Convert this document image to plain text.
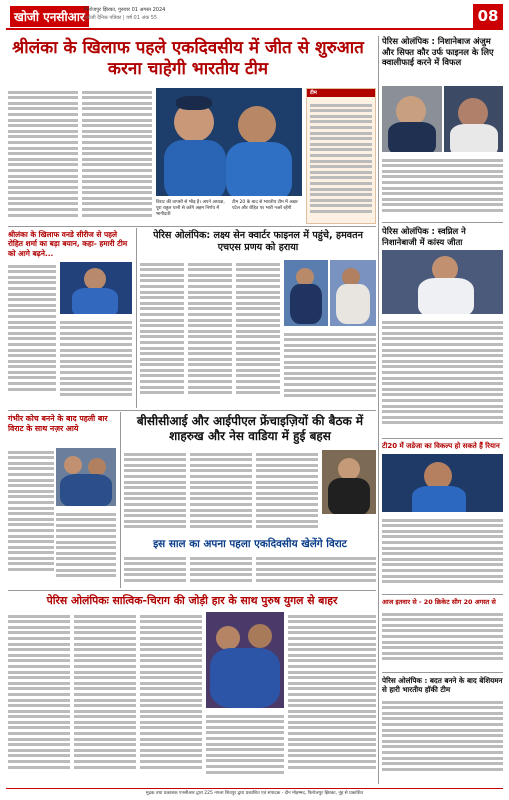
खोजी एनसीआर फिरोजपुर झिरका, गुरुवार 01 अगस्त 2024
अंग्रेजी दैनिक पत्रिका | वर्ष 01 अंक 55	08
श्रीलंका के खिलाफ पहले एकदिवसीय में जीत से शुरुआत करना चाहेगी भारतीय टीम
विराट की वापसी से भीड़ है। अपने अध्यक्ष, पूरा राहुल यानी से करेंगे अहम निर्णय में भागीदारी
टीम 20 के बाद से भारतीय टीम में अक्षर पटेल और रोहित पर भारी नजरें रहेंगी
टीम
पेरिस ओलंपिक : निशानेबाज अंजुम और सिफ्त कौर उर्फ फाइनल के लिए क्वालीफाई करने में विफल
पेरिस ओलंपिक : स्वप्निल ने निशानेबाजी में कांस्य जीता
टी20 में जडेजा का विकल्प हो सकते हैं रियान
आज इतवार से - 20 क्रिकेट सीग 20 अगस्त से
पेरिस ओलंपिक : बदत बनने के बाद बेशियमन से हारी भारतीय हॉकी टीम
श्रीलंका के खिलाफ वनडे सीरीज से पहले रोहित शर्मा का बड़ा बयान, कहा- हमारी टीम को आगे बढ़ने...
पेरिस ओलंपिक: लक्ष्य सेन क्वार्टर फाइनल में पहुंचे, हमवतन एचएस प्रणय को हराया
गंभीर कोच बनने के बाद पहली बार विराट के साथ नज़र आये
बीसीसीआई और आईपीएल फ्रेंचाइज़ियों की बैठक में शाहरुख और नेस वाडिया में हुई बहस
इस साल का अपना पहला एकदिवसीय खेलेंगे विराट
पेरिस ओलंपिकः सात्विक-चिराग की जोड़ी हार के साथ पुरुष युगल से बाहर
मुद्रक तथा प्रकाशक एनसीआर द्वारा 225 नगला शिवपुर द्वारा प्रकाशित एवं संपादक - दीन मोहम्मद, फिरोजपुर झिरका, नूंह से प्रकाशित
